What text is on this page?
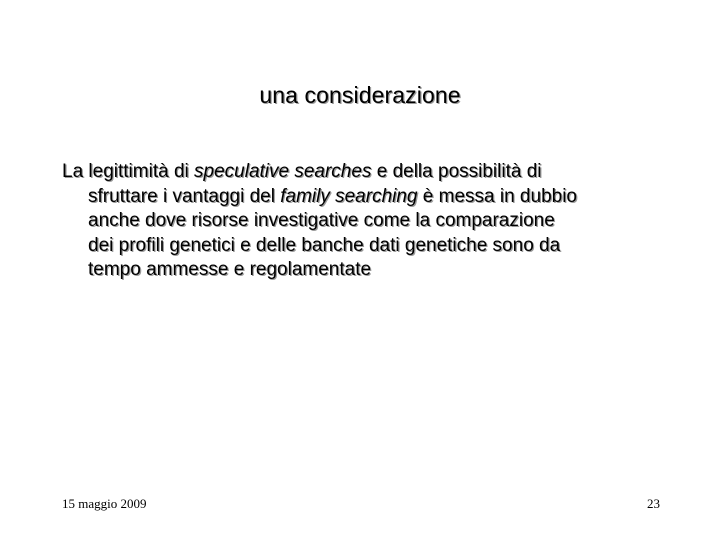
una considerazione
La legittimità di speculative searches e della possibilità di
sfruttare i vantaggi del family searching è messa in dubbio
anche dove risorse investigative come la comparazione
dei profili genetici e delle banche dati genetiche sono da
tempo ammesse e regolamentate
15 maggio 2009	23
